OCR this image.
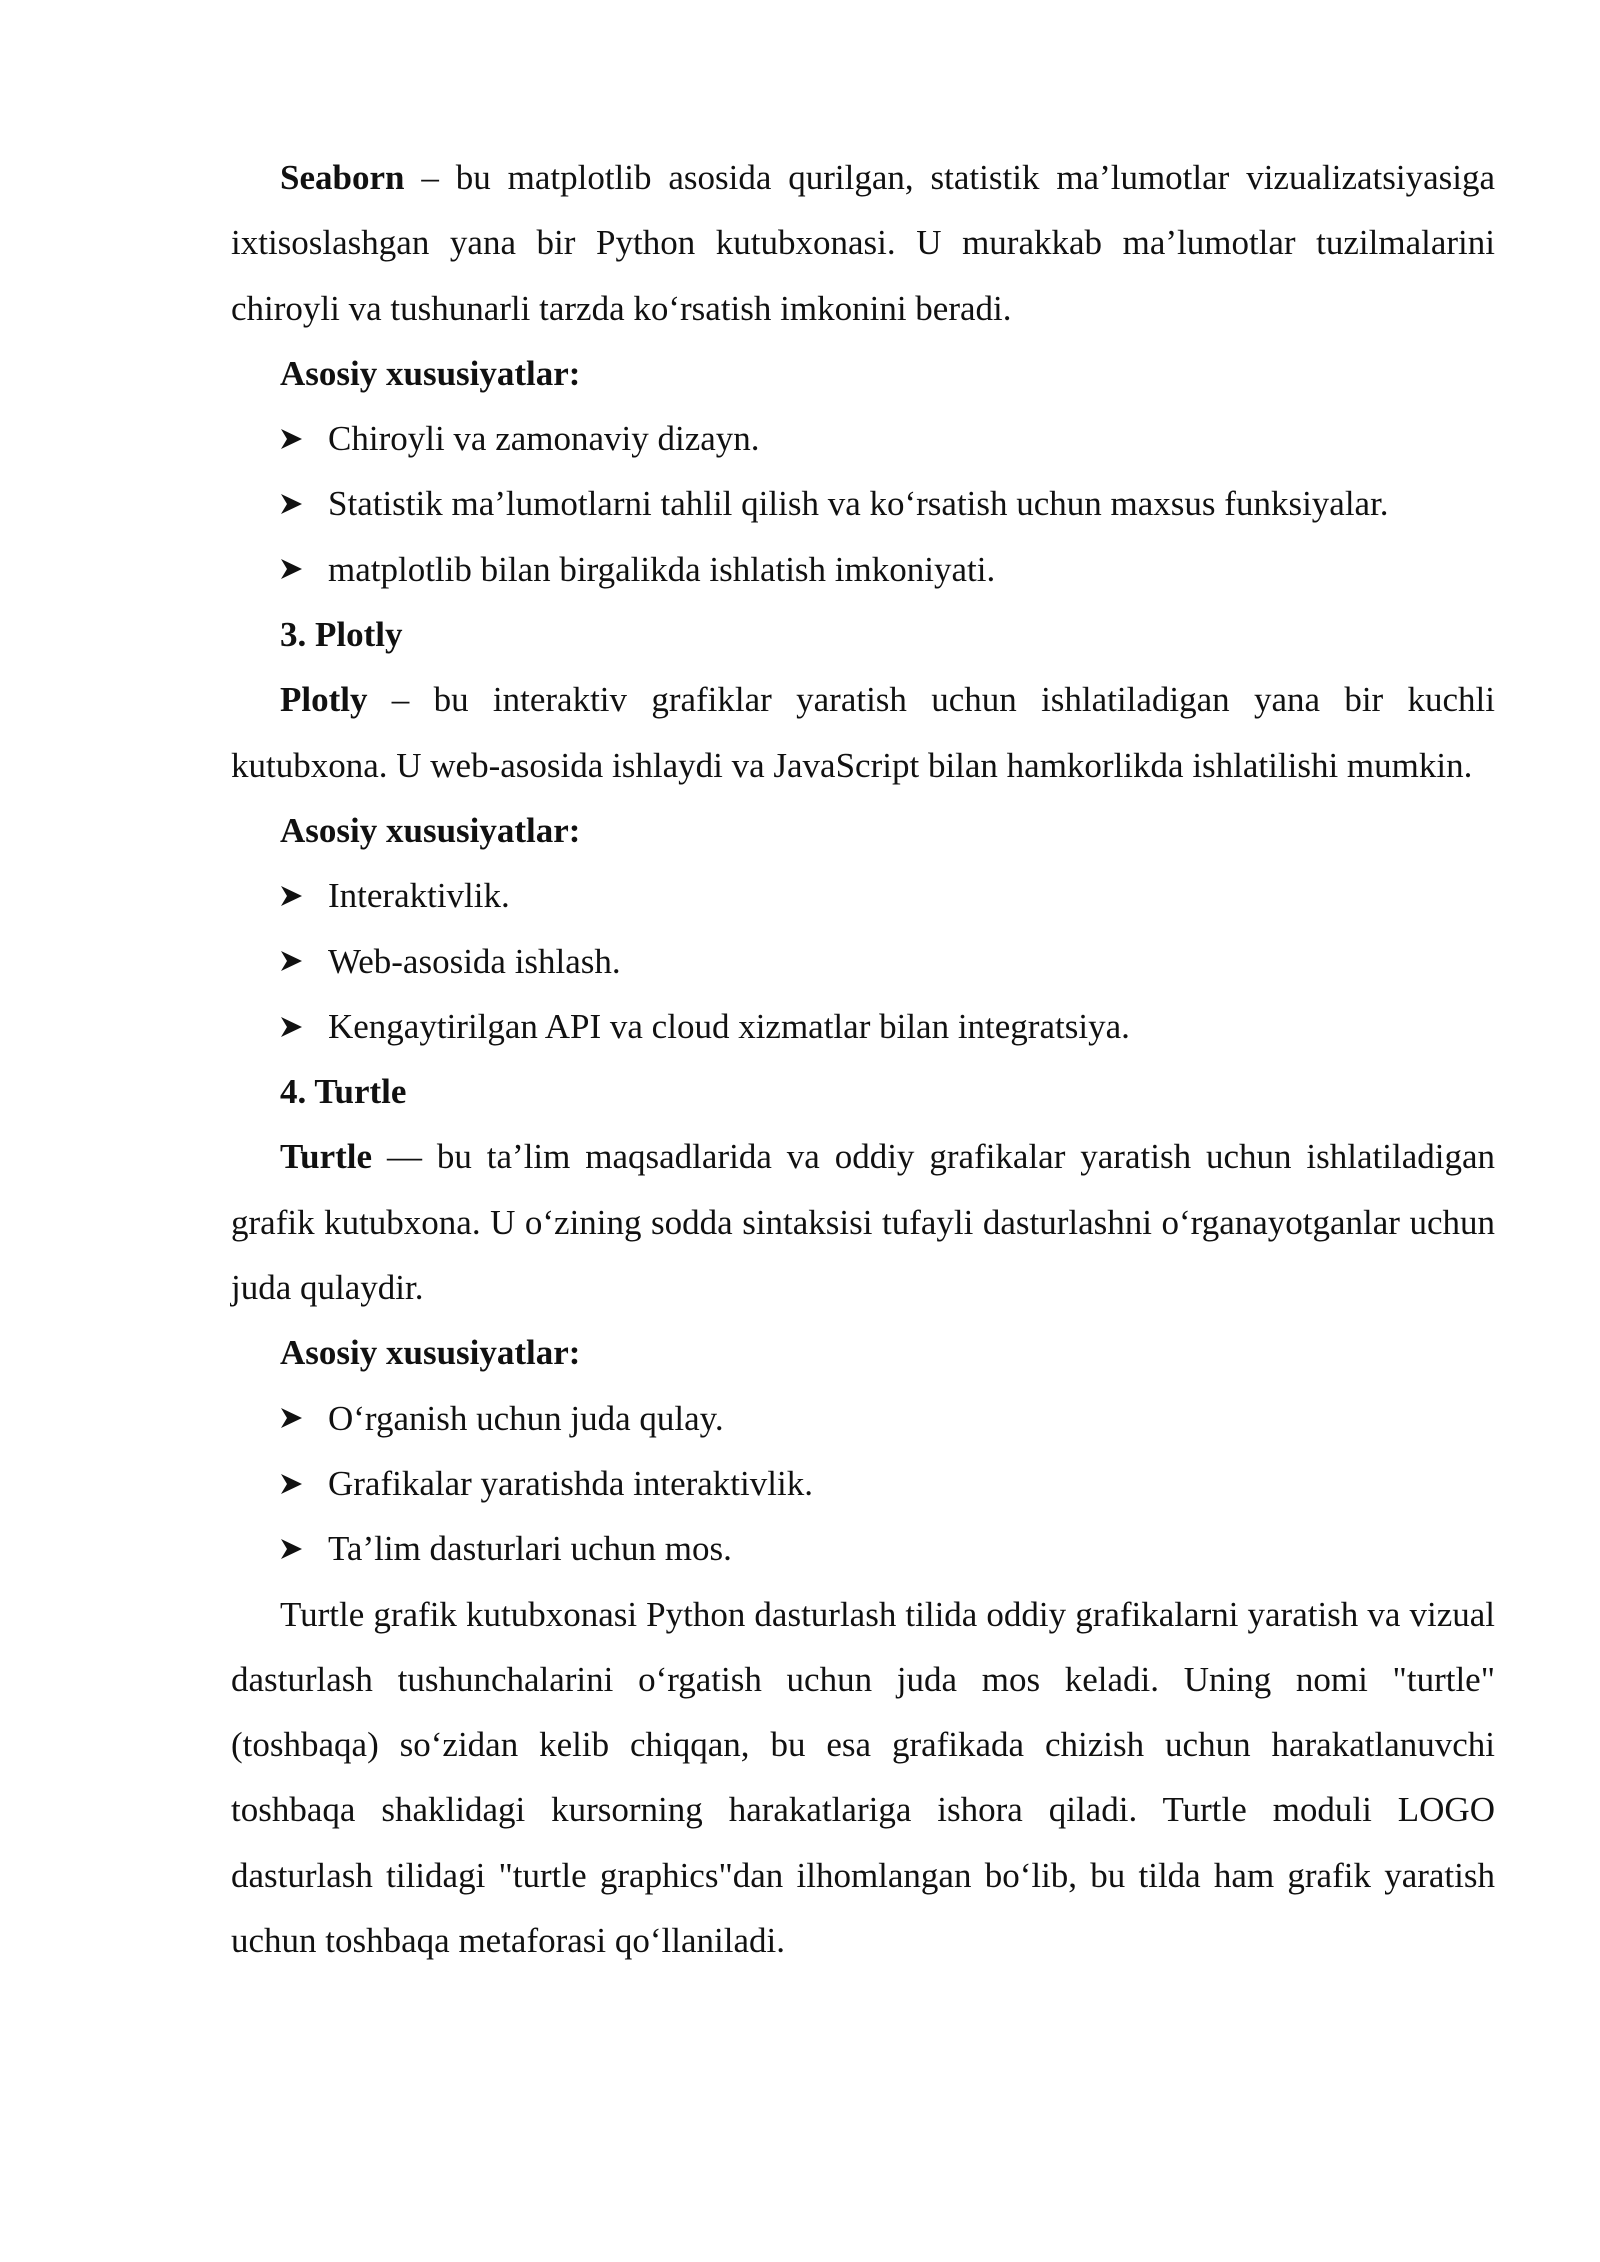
Seaborn – bu matplotlib asosida qurilgan, statistik ma’lumotlar vizualizatsiyasiga ixtisoslashgan yana bir Python kutubxonasi. U murakkab ma’lumotlar tuzilmalarini chiroyli va tushunarli tarzda ko‘rsatish imkonini beradi.

Asosiy xususiyatlar:

Chiroyli va zamonaviy dizayn.
Statistik ma’lumotlarni tahlil qilish va ko‘rsatish uchun maxsus funksiyalar.
matplotlib bilan birgalikda ishlatish imkoniyati.

3. Plotly

Plotly – bu interaktiv grafiklar yaratish uchun ishlatiladigan yana bir kuchli kutubxona. U web-asosida ishlaydi va JavaScript bilan hamkorlikda ishlatilishi mumkin.

Asosiy xususiyatlar:

Interaktivlik.
Web-asosida ishlash.
Kengaytirilgan API va cloud xizmatlar bilan integratsiya.

4. Turtle

Turtle — bu ta’lim maqsadlarida va oddiy grafikalar yaratish uchun ishlatiladigan grafik kutubxona. U o‘zining sodda sintaksisi tufayli dasturlashni o‘rganayotganlar uchun juda qulaydir.

Asosiy xususiyatlar:

O‘rganish uchun juda qulay.
Grafikalar yaratishda interaktivlik.
Ta’lim dasturlari uchun mos.

Turtle grafik kutubxonasi Python dasturlash tilida oddiy grafikalarni yaratish va vizual dasturlash tushunchalarini o‘rgatish uchun juda mos keladi. Uning nomi "turtle" (toshbaqa) so‘zidan kelib chiqqan, bu esa grafikada chizish uchun harakatlanuvchi toshbaqa shaklidagi kursorning harakatlariga ishora qiladi. Turtle moduli LOGO dasturlash tilidagi "turtle graphics"dan ilhomlangan bo‘lib, bu tilda ham grafik yaratish uchun toshbaqa metaforasi qo‘llaniladi.
